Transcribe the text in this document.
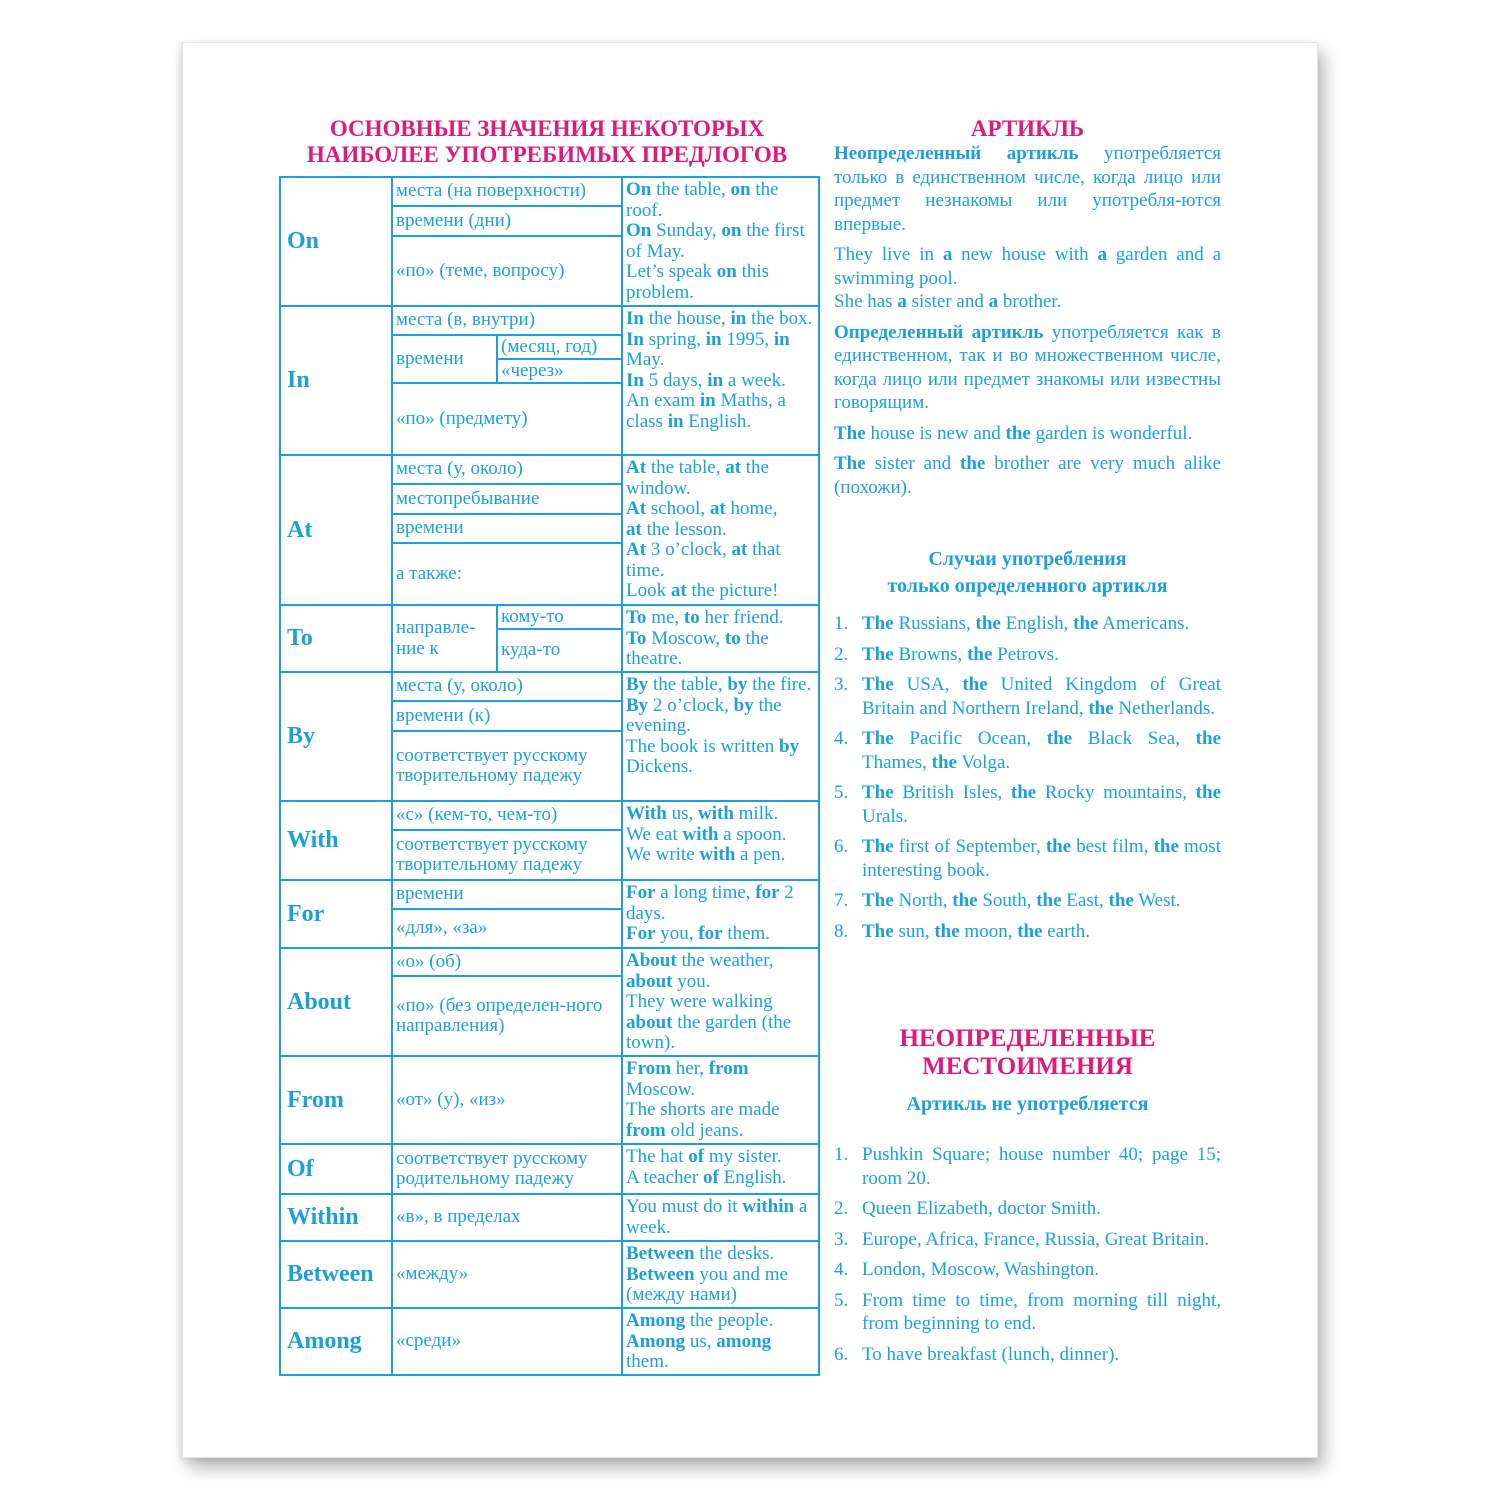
ОСНОВНЫЕ ЗНАЧЕНИЯ НЕКОТОРЫХ
НАИБОЛЕЕ УПОТРЕБИМЫХ ПРЕДЛОГОВ
On	места (на поверхности)		On the table, on the roof.
On Sunday, on the first of May.
Let’s speak on this problem.
	времени (дни)		
	«по» (теме, вопросу)		
In	места (в, внутри)		In the house, in the box.
In spring, in 1995, in May.
In 5 days, in a week.
An exam in Maths, a class in English.
	времени	(месяц, год)	
		«через»	
	«по» (предмету)		
At	места (у, около)		At the table, at the window.
At school, at home,
at the lesson.
At 3 o’clock, at that time.
Look at the picture!
	местопребывание		
	времени		
	а также:		
To	направле-ние к	кому-то	To me, to her friend.
To Moscow, to the theatre.
		куда-то	
By	места (у, около)		By the table, by the fire.
By 2 o’clock, by the evening.
The book is written by Dickens.
	времени (к)		
	соответствует русскому творительному падежу		
With	«с» (кем-то, чем-то)		With us, with milk.
We eat with a spoon.
We write with a pen.
	соответствует русскому творительному падежу		
For	времени		For a long time, for 2 days.
For you, for them.
	«для», «за»		
About	«о» (об)		About the weather, about you.
They were walking about the garden (the town).
	«по» (без определен-ного направления)		
From	«от» (у), «из»		From her, from Moscow.
The shorts are made from old jeans.
Of	соответствует русскому родительному падежу		The hat of my sister.
A teacher of English.
Within	«в», в пределах		You must do it within a week.
Between	«между»		Between the desks.
Between you and me (между нами)
Among	«среди»		Among the people.
Among us, among them.
АРТИКЛЬ

Неопределенный артикль употребляется только в единственном числе, когда лицо или предмет незнакомы или употребля-ются впервые.

They live in a new house with a garden and a swimming pool.

She has a sister and a brother.

Определенный артикль употребляется как в единственном, так и во множественном числе, когда лицо или предмет знакомы или известны говорящим.

The house is new and the garden is wonderful.

The sister and the brother are very much alike (похожи).

Случаи употребления
только определенного артикля
1. The Russians, the English, the Americans.
2. The Browns, the Petrovs.
3. The USA, the United Kingdom of Great Britain and Northern Ireland, the Netherlands.
4. The Pacific Ocean, the Black Sea, the Thames, the Volga.
5. The British Isles, the Rocky mountains, the Urals.
6. The first of September, the best film, the most interesting book.
7. The North, the South, the East, the West.
8. The sun, the moon, the earth.
НЕОПРЕДЕЛЕННЫЕ
МЕСТОИМЕНИЯ
Артикль не употребляется
1. Pushkin Square; house number 40; page 15; room 20.
2. Queen Elizabeth, doctor Smith.
3. Europe, Africa, France, Russia, Great Britain.
4. London, Moscow, Washington.
5. From time to time, from morning till night, from beginning to end.
6. To have breakfast (lunch, dinner).
